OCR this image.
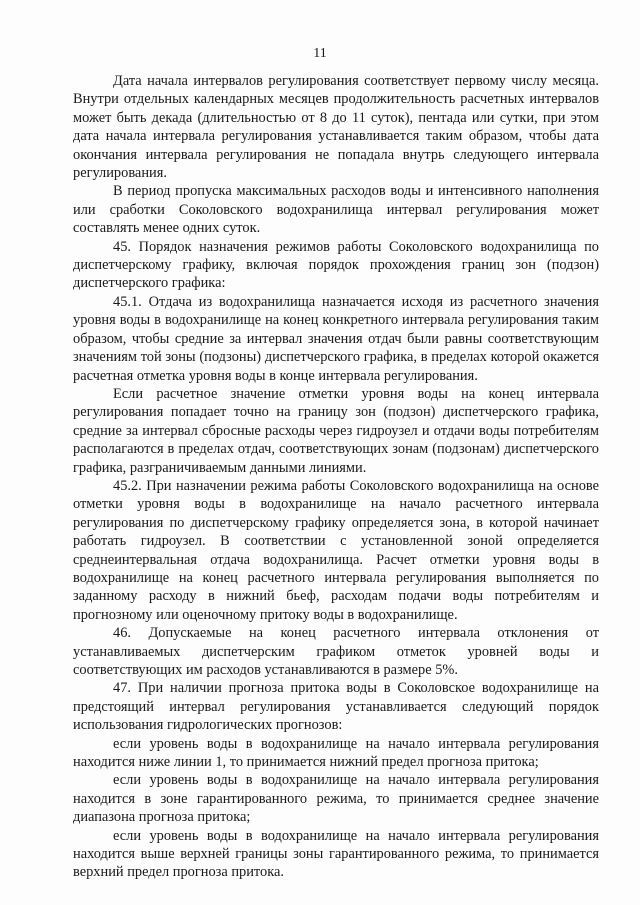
11

Дата начала интервалов регулирования соответствует первому числу месяца. Внутри отдельных календарных месяцев продолжительность расчетных интервалов может быть декада (длительностью от 8 до 11 суток), пентада или сутки, при этом дата начала интервала регулирования устанавливается таким образом, чтобы дата окончания интервала регулирования не попадала внутрь следующего интервала регулирования.

В период пропуска максимальных расходов воды и интенсивного наполнения или сработки Соколовского водохранилища интервал регулирования может составлять менее одних суток.

45. Порядок назначения режимов работы Соколовского водохранилища по диспетчерскому графику, включая порядок прохождения границ зон (подзон) диспетчерского графика:

45.1. Отдача из водохранилища назначается исходя из расчетного значения уровня воды в водохранилище на конец конкретного интервала регулирования таким образом, чтобы средние за интервал значения отдач были равны соответствующим значениям той зоны (подзоны) диспетчерского графика, в пределах которой окажется расчетная отметка уровня воды в конце интервала регулирования.

Если расчетное значение отметки уровня воды на конец интервала регулирования попадает точно на границу зон (подзон) диспетчерского графика, средние за интервал сбросные расходы через гидроузел и отдачи воды потребителям располагаются в пределах отдач, соответствующих зонам (подзонам) диспетчерского графика, разграничиваемым данными линиями.

45.2. При назначении режима работы Соколовского водохранилища на основе отметки уровня воды в водохранилище на начало расчетного интервала регулирования по диспетчерскому графику определяется зона, в которой начинает работать гидроузел. В соответствии с установленной зоной определяется среднеинтервальная отдача водохранилища. Расчет отметки уровня воды в водохранилище на конец расчетного интервала регулирования выполняется по заданному расходу в нижний бьеф, расходам подачи воды потребителям и прогнозному или оценочному притоку воды в водохранилище.

46. Допускаемые на конец расчетного интервала отклонения от устанавливаемых диспетчерским графиком отметок уровней воды и соответствующих им расходов устанавливаются в размере 5%.

47. При наличии прогноза притока воды в Соколовское водохранилище на предстоящий интервал регулирования устанавливается следующий порядок использования гидрологических прогнозов:

если уровень воды в водохранилище на начало интервала регулирования находится ниже линии 1, то принимается нижний предел прогноза притока;

если уровень воды в водохранилище на начало интервала регулирования находится в зоне гарантированного режима, то принимается среднее значение диапазона прогноза притока;

если уровень воды в водохранилище на начало интервала регулирования находится выше верхней границы зоны гарантированного режима, то принимается верхний предел прогноза притока.
